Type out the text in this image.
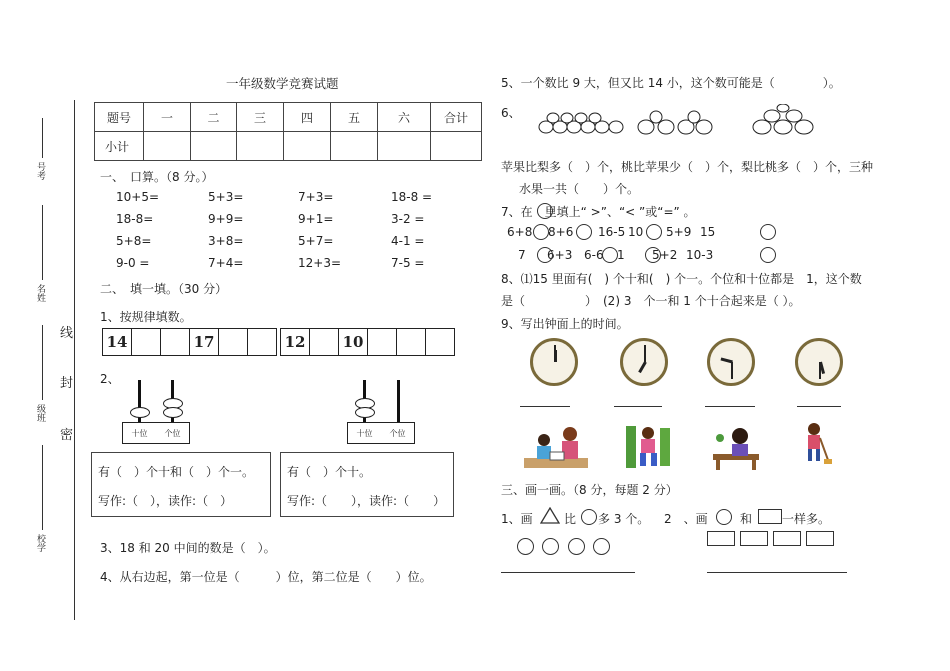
号考
名姓
级班
校学
线
封
密
一年级数学竞赛试题
题号	一	二	三	四	五	六	合计
小计							
一、　口算。（8 分。）
10+5=	5+3=	7+3=	18-8 =
18-8=	9+9=	9+1=	3-2 =
5+8=	3+8=	5+7=	4-1 =
9-0 =	7+4=	12+3=	7-5 =
二、　填一填。（30 分）
1、按规律填数。
14	17	12	10
2、
十位 个位	十位 个位
有（　）个十和（　）个一。
写作:（　），读作:（　）
有（　）个十。
写作:（　　），读作:（　　）
3、18 和 20 中间的数是（　）。
4、从右边起，第一位是（　　　）位，第二位是（　　）位。
5、一个数比 9 大，但又比 14 小，这个数可能是（　　　　）。
6、
苹果比梨多（　）个，桃比苹果少（　）个，梨比桃多（　）个，三种
水果一共（　　）个。
7、在　里填上“ >”、“< ”或“=” 。
6+8 8+6 16-5 10 5+9 15
7 6+3 6-6 1 5+2 10-3
8、⑴15 里面有(　) 个十和(　) 个一。个位和十位都是　1，这个数
是（　　　　　）　(2) 3　个一和 1 个十合起来是（ ）。
9、写出钟面上的时间。
三、画一画。（8 分，每题 2 分）
1、画	比 多 3 个。 2　、画	和 一样多。
